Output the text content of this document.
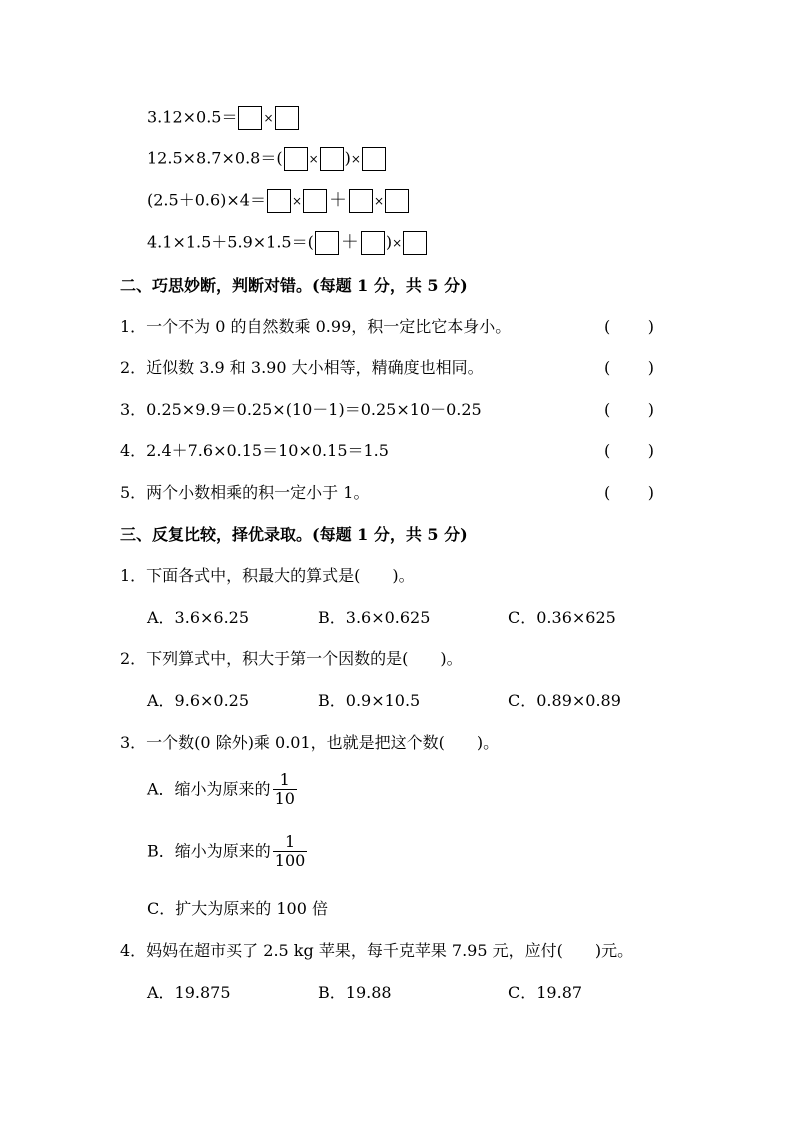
3.12×0.5＝ ×
12.5×8.7×0.8＝( × )×
(2.5＋0.6)×4＝ × ＋ ×
4.1×1.5＋5.9×1.5＝( ＋ )×
二、巧思妙断，判断对错。(每题 1 分，共 5 分)
1．一个不为 0 的自然数乘 0.99，积一定比它本身小。	( )
2．近似数 3.9 和 3.90 大小相等，精确度也相同。	( )
3．0.25×9.9＝0.25×(10－1)＝0.25×10－0.25	( )
4．2.4＋7.6×0.15＝10×0.15＝1.5	( )
5．两个小数相乘的积一定小于 1。	( )
三、反复比较，择优录取。(每题 1 分，共 5 分)
1．下面各式中，积最大的算式是(　　)。
A．3.6×6.25	B．3.6×0.625	C．0.36×625
2．下列算式中，积大于第一个因数的是(　　)。
A．9.6×0.25	B．0.9×10.5	C．0.89×0.89
3．一个数(0 除外)乘 0.01，也就是把这个数(　　)。
A．缩小为原来的 $\frac{1}{10}$
B．缩小为原来的 $\frac{1}{100}$
C．扩大为原来的 100 倍
4．妈妈在超市买了 2.5 kg 苹果，每千克苹果 7.95 元，应付(　　)元。
A．19.875	B．19.88	C．19.87
